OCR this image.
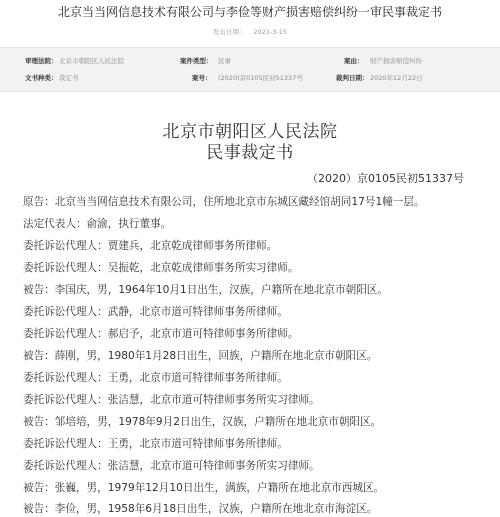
北京当当网信息技术有限公司与李俭等财产损害赔偿纠纷一审民事裁定书
发布日期： 2021-3-15
审理法院： 北京市朝阳区人民法院	案件类型： 民事	案由： 财产损害赔偿纠纷
文书种类： 裁定书	案号： (2020)京0105民初51337号	裁判日期： 2020年12月22日
北京市朝阳区人民法院
民事裁定书
（2020）京0105民初51337号
原告：北京当当网信息技术有限公司，住所地北京市东城区藏经馆胡同17号1幢一层。
法定代表人：俞渝，执行董事。
委托诉讼代理人：贾建兵，北京乾成律师事务所律师。
委托诉讼代理人：吴振乾，北京乾成律师事务所实习律师。
被告：李国庆，男，1964年10月1日出生，汉族，户籍所在地北京市朝阳区。
委托诉讼代理人：武静，北京市道可特律师事务所律师。
委托诉讼代理人：郝启予，北京市道可特律师事务所律师。
被告：薛刚，男，1980年1月28日出生，回族，户籍所在地北京市朝阳区。
委托诉讼代理人：王勇，北京市道可特律师事务所律师。
委托诉讼代理人：张洁慧，北京市道可特律师事务所实习律师。
被告：邹培培，男，1978年9月2日出生，汉族，户籍所在地北京市朝阳区。
委托诉讼代理人：王勇，北京市道可特律师事务所律师。
委托诉讼代理人：张洁慧，北京市道可特律师事务所实习律师。
被告：张巍，男，1979年12月10日出生，满族，户籍所在地北京市西城区。
被告：李俭，男，1958年6月18日出生，汉族，户籍所在地北京市海淀区。
